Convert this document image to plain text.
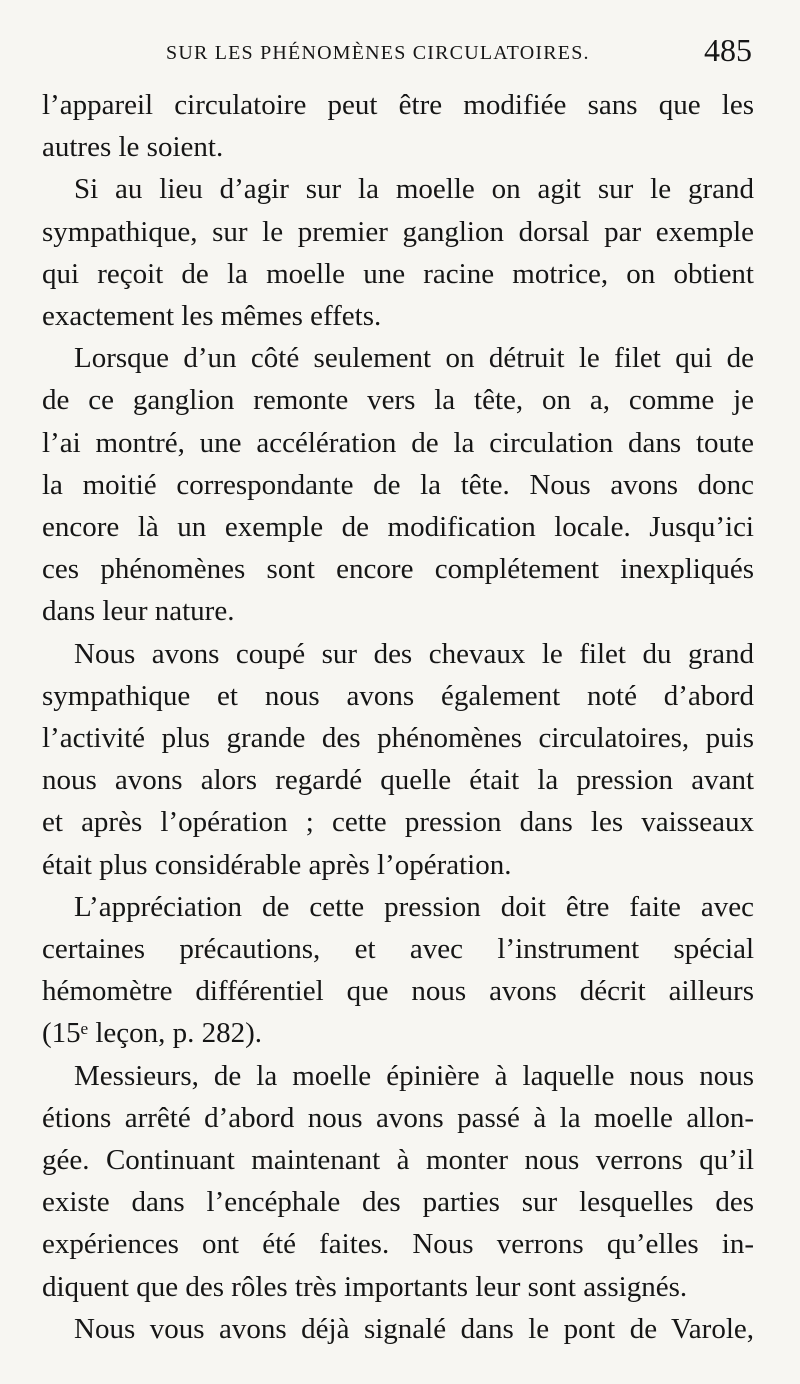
SUR LES PHÉNOMÈNES CIRCULATOIRES.	485

l’appareil circulatoire peut être modifiée sans que les
autres le soient.

Si au lieu d’agir sur la moelle on agit sur le grand
sympathique, sur le premier ganglion dorsal par exemple
qui reçoit de la moelle une racine motrice, on obtient
exactement les mêmes effets.

Lorsque d’un côté seulement on détruit le filet qui de
de ce ganglion remonte vers la tête, on a, comme je
l’ai montré, une accélération de la circulation dans toute
la moitié correspondante de la tête. Nous avons donc
encore là un exemple de modification locale. Jusqu’ici
ces phénomènes sont encore complétement inexpliqués
dans leur nature.

Nous avons coupé sur des chevaux le filet du grand
sympathique et nous avons également noté d’abord
l’activité plus grande des phénomènes circulatoires, puis
nous avons alors regardé quelle était la pression avant
et après l’opération ; cette pression dans les vaisseaux
était plus considérable après l’opération.

L’appréciation de cette pression doit être faite avec
certaines précautions, et avec l’instrument spécial
hémomètre différentiel que nous avons décrit ailleurs
(15ᵉ leçon, p. 282).

Messieurs, de la moelle épinière à laquelle nous nous
étions arrêté d’abord nous avons passé à la moelle allon-
gée. Continuant maintenant à monter nous verrons qu’il
existe dans l’encéphale des parties sur lesquelles des
expériences ont été faites. Nous verrons qu’elles in-
diquent que des rôles très importants leur sont assignés.

Nous vous avons déjà signalé dans le pont de Varole,
